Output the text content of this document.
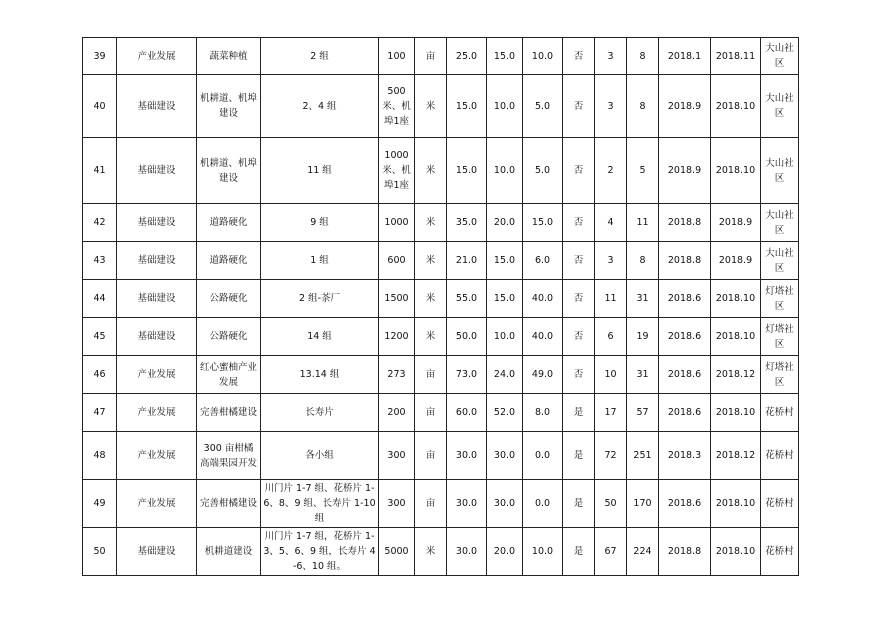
39	产业发展	蔬菜种植	2 组	100	亩	25.0	15.0	10.0	否	3	8	2018.1	2018.11	大山社区
40	基础建设	机耕道、机埠建设	2、4 组	500米、机埠1座	米	15.0	10.0	5.0	否	3	8	2018.9	2018.10	大山社区
41	基础建设	机耕道、机埠建设	11 组	1000米、机埠1座	米	15.0	10.0	5.0	否	2	5	2018.9	2018.10	大山社区
42	基础建设	道路硬化	9 组	1000	米	35.0	20.0	15.0	否	4	11	2018.8	2018.9	大山社区
43	基础建设	道路硬化	1 组	600	米	21.0	15.0	6.0	否	3	8	2018.8	2018.9	大山社区
44	基础建设	公路硬化	2 组-茶厂	1500	米	55.0	15.0	40.0	否	11	31	2018.6	2018.10	灯塔社区
45	基础建设	公路硬化	14 组	1200	米	50.0	10.0	40.0	否	6	19	2018.6	2018.10	灯塔社区
46	产业发展	红心蜜柚产业发展	13.14 组	273	亩	73.0	24.0	49.0	否	10	31	2018.6	2018.12	灯塔社区
47	产业发展	完善柑橘建设	长寿片	200	亩	60.0	52.0	8.0	是	17	57	2018.6	2018.10	花桥村
48	产业发展	300 亩柑橘高端果园开发	各小组	300	亩	30.0	30.0	0.0	是	72	251	2018.3	2018.12	花桥村
49	产业发展	完善柑橘建设	川门片 1-7 组、花桥片 1-6、8、9 组、长寿片 1-10 组	300	亩	30.0	30.0	0.0	是	50	170	2018.6	2018.10	花桥村
50	基础建设	机耕道建设	川门片 1-7 组，花桥片 1-3、5、6、9 组，长寿片 4-6、10 组。	5000	米	30.0	20.0	10.0	是	67	224	2018.8	2018.10	花桥村
